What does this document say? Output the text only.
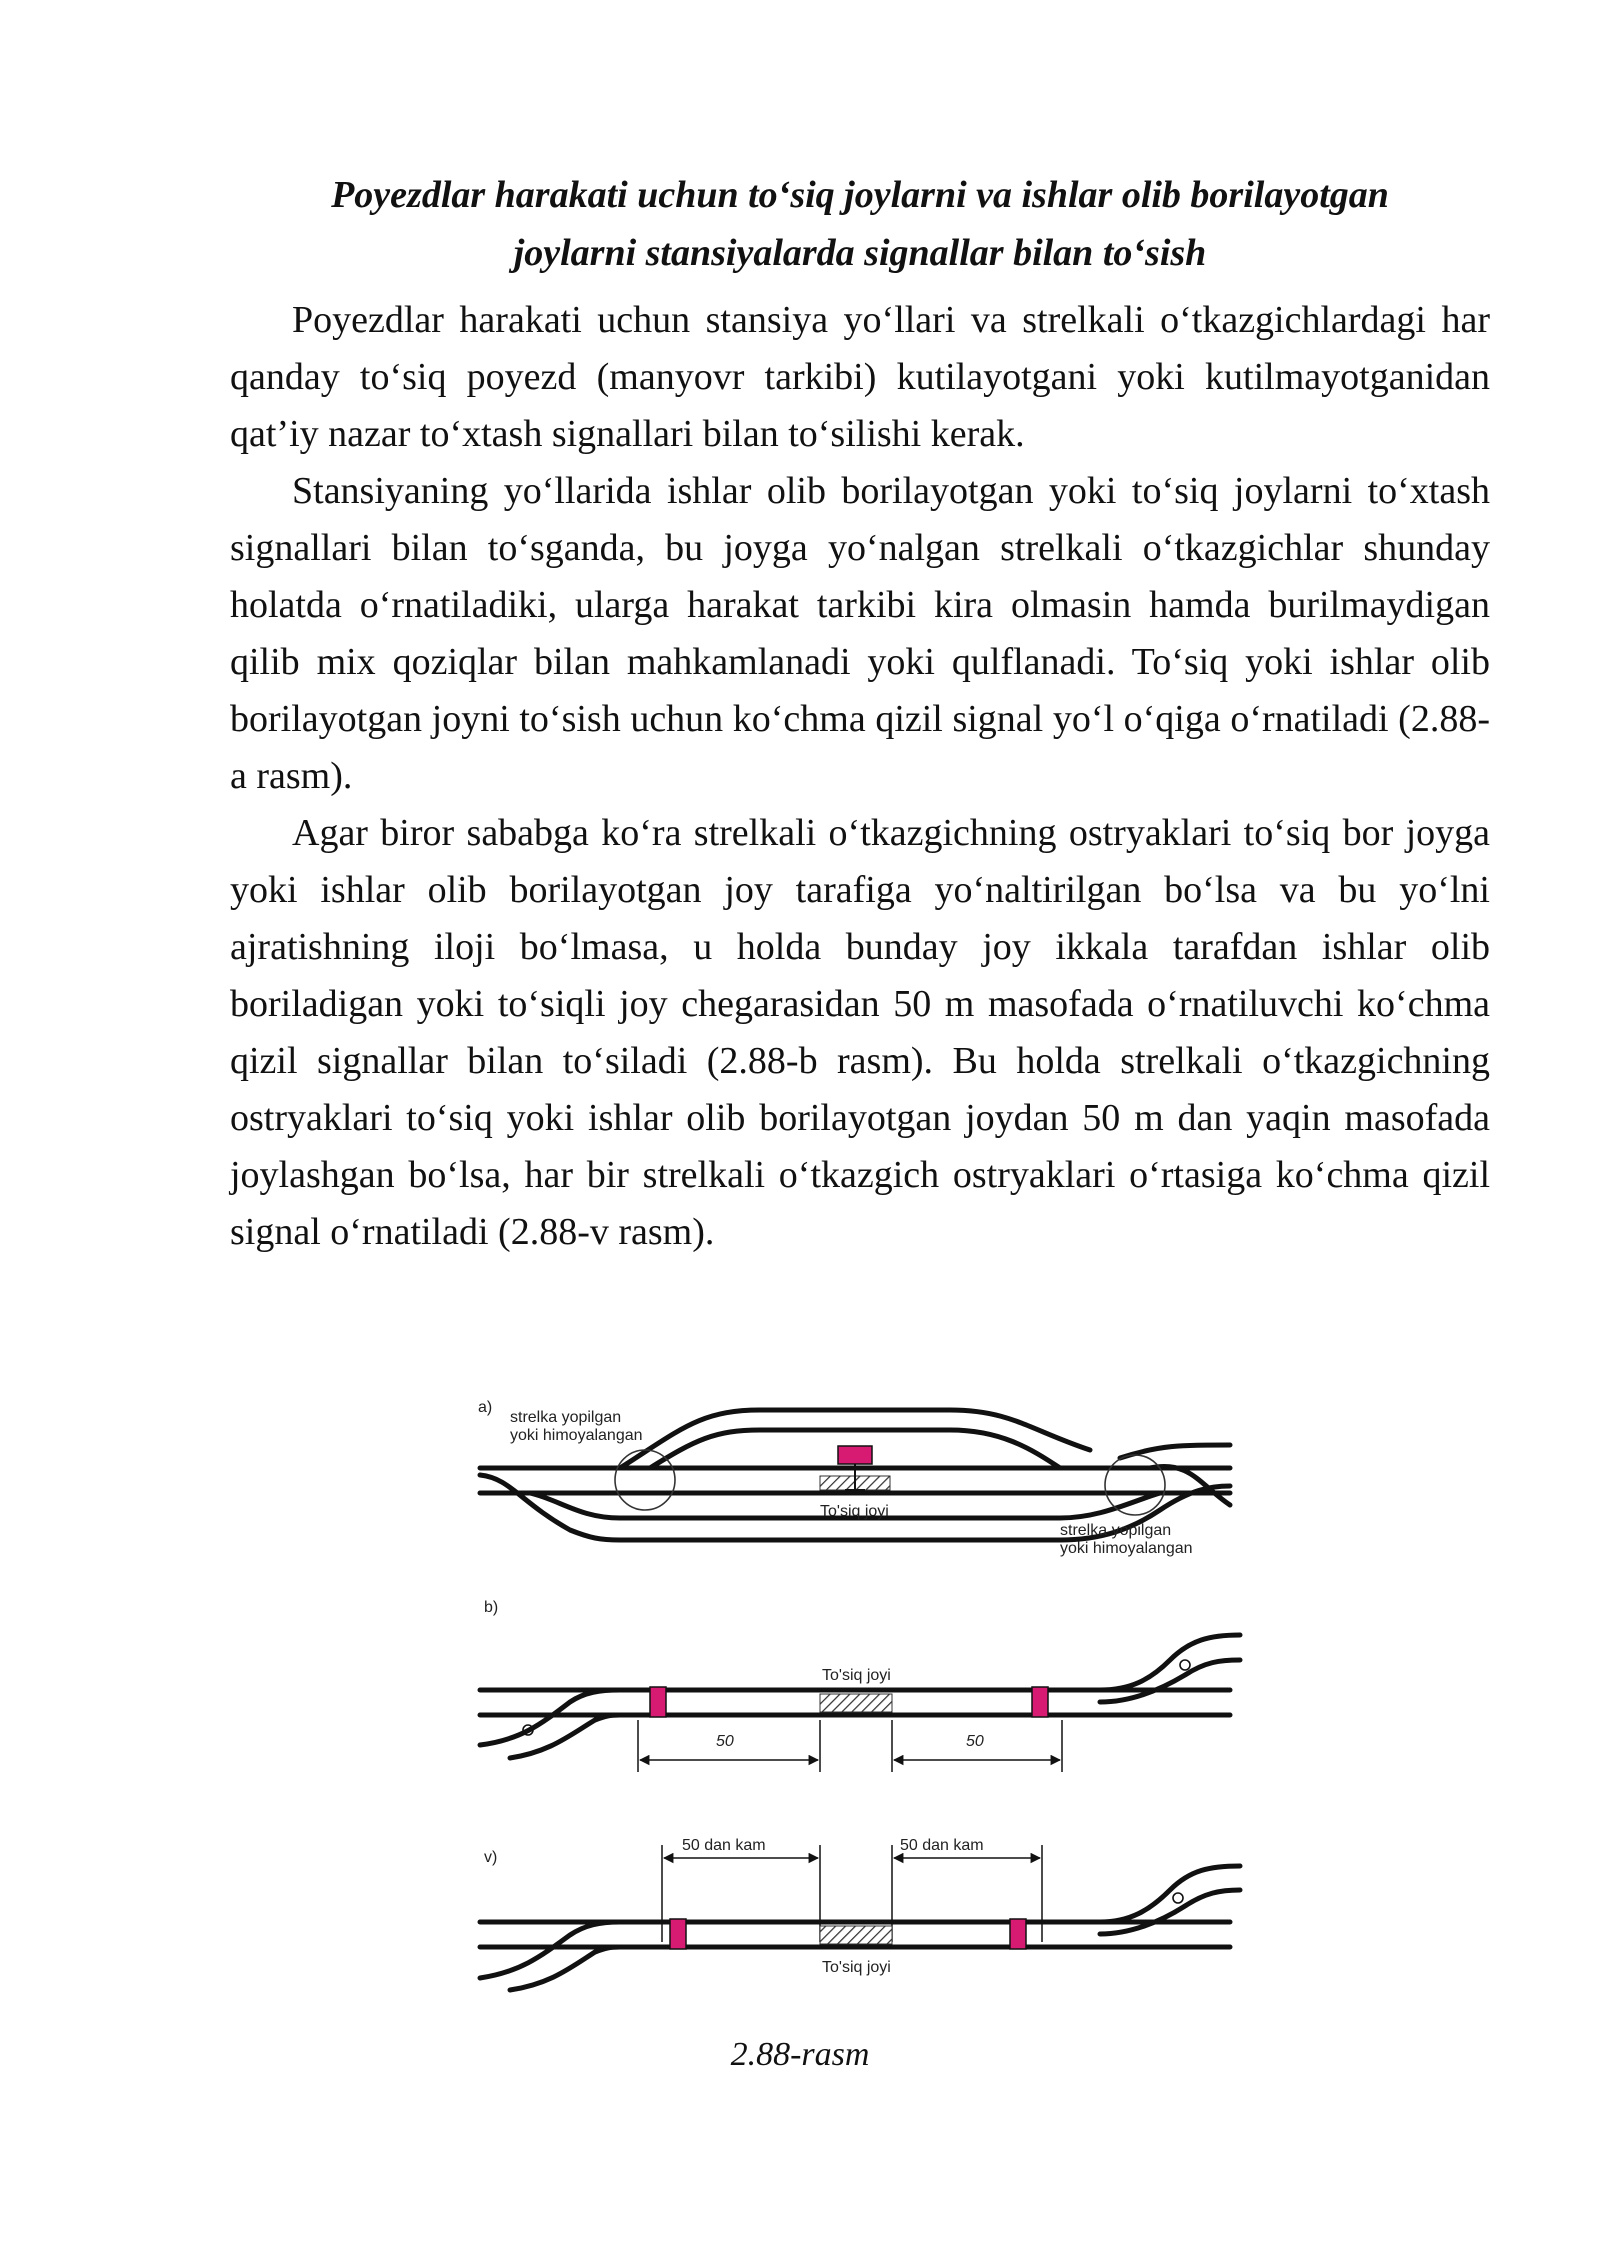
Poyezdlar harakati uchun to‘siq joylarni va ishlar olib borilayotgan
joylarni stansiyalarda signallar bilan to‘sish

Poyezdlar harakati uchun stansiya yo‘llari va strelkali o‘tkazgichlardagi har qanday to‘siq poyezd (manyovr tarkibi) kutilayotgani yoki kutilmayotganidan qat’iy nazar to‘xtash signallari bilan to‘silishi kerak.

Stansiyaning yo‘llarida ishlar olib borilayotgan yoki to‘siq joylarni to‘xtash signallari bilan to‘sganda, bu joyga yo‘nalgan strelkali o‘tkazgichlar shunday holatda o‘rnatiladiki, ularga harakat tarkibi kira olmasin hamda burilmaydigan qilib mix qoziqlar bilan mahkamlanadi yoki qulflanadi. To‘siq yoki ishlar olib borilayotgan joyni to‘sish uchun ko‘chma qizil signal yo‘l o‘qiga o‘rnatiladi (2.88-a rasm).

Agar biror sababga ko‘ra strelkali o‘tkazgichning ostryaklari to‘siq bor joyga yoki ishlar olib borilayotgan joy tarafiga yo‘naltirilgan bo‘lsa va bu yo‘lni ajratishning iloji bo‘lmasa, u holda bunday joy ikkala tarafdan ishlar olib boriladigan yoki to‘siqli joy chegarasidan 50 m masofada o‘rnatiluvchi ko‘chma qizil signallar bilan to‘siladi (2.88-b rasm). Bu holda strelkali o‘tkazgichning ostryaklari to‘siq yoki ishlar olib borilayotgan joydan 50 m dan yaqin masofada joylashgan bo‘lsa, har bir strelkali o‘tkazgich ostryaklari o‘rtasiga ko‘chma qizil signal o‘rnatiladi (2.88-v rasm).

a)
strelka yopilgan
yoki himoyalangan
To'siq joyi
strelka yopilgan
yoki himoyalangan
b)
To'siq joyi
50	50
v)
50 dan kam	50 dan kam
To'siq joyi

2.88-rasm
